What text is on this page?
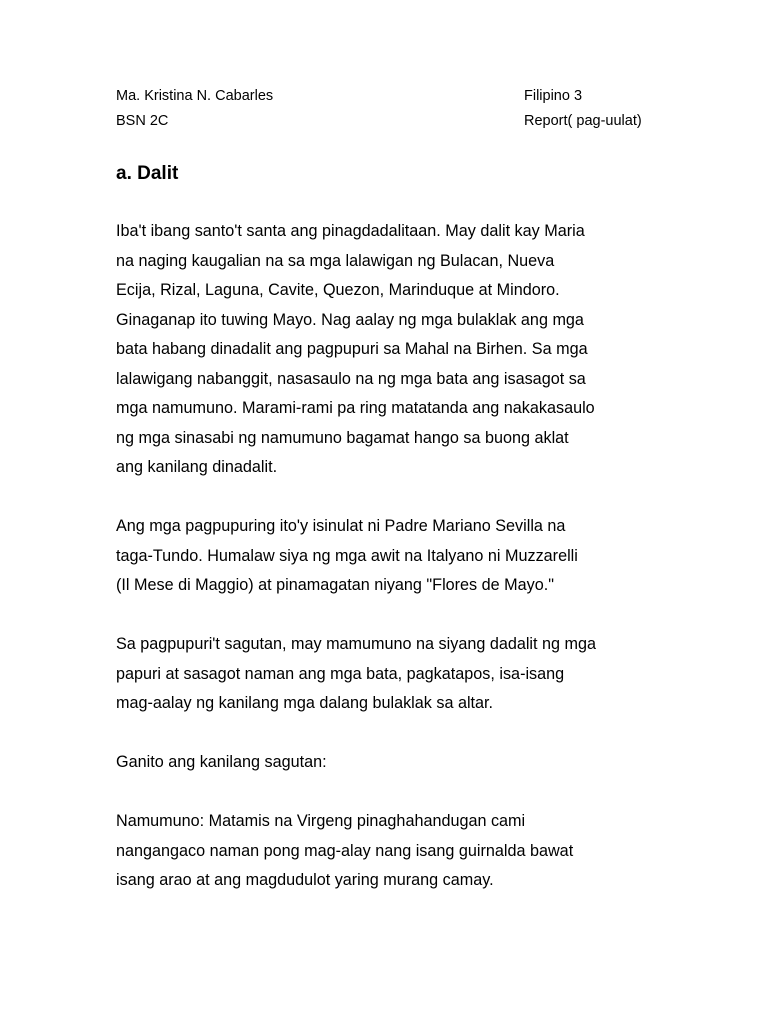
Ma. Kristina N. Cabarles	Filipino 3
BSN 2C	Report( pag-uulat)
a. Dalit
Iba't ibang santo't santa ang pinagdadalitaan. May dalit kay Maria
na naging kaugalian na sa mga lalawigan ng Bulacan, Nueva
Ecija, Rizal, Laguna, Cavite, Quezon, Marinduque at Mindoro.
Ginaganap ito tuwing Mayo. Nag aalay ng mga bulaklak ang mga
bata habang dinadalit ang pagpupuri sa Mahal na Birhen. Sa mga
lalawigang nabanggit, nasasaulo na ng mga bata ang isasagot sa
mga namumuno. Marami-rami pa ring matatanda ang nakakasaulo
ng mga sinasabi ng namumuno bagamat hango sa buong aklat
ang kanilang dinadalit.
Ang mga pagpupuring ito'y isinulat ni Padre Mariano Sevilla na
taga-Tundo. Humalaw siya ng mga awit na Italyano ni Muzzarelli
(Il Mese di Maggio) at pinamagatan niyang "Flores de Mayo."
Sa pagpupuri't sagutan, may mamumuno na siyang dadalit ng mga
papuri at sasagot naman ang mga bata, pagkatapos, isa-isang
mag-aalay ng kanilang mga dalang bulaklak sa altar.
Ganito ang kanilang sagutan:
Namumuno: Matamis na Virgeng pinaghahandugan cami
nangangaco naman pong mag-alay nang isang guirnalda bawat
isang arao at ang magdudulot yaring murang camay.
